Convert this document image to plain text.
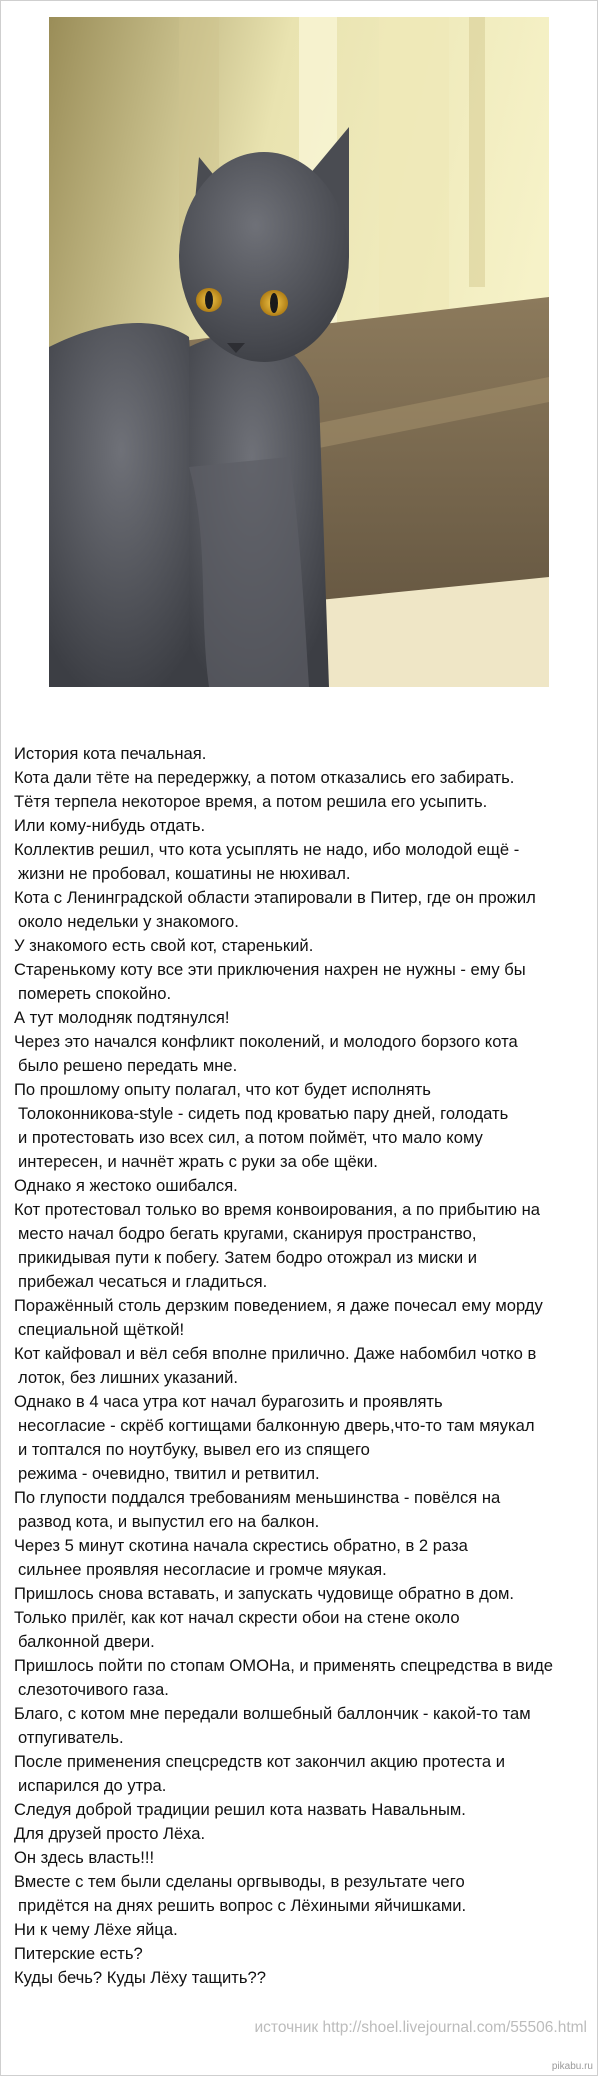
История кота печальная.
Кота дали тёте на передержку, а потом отказались его забирать.
Тётя терпела некоторое время, а потом решила его усыпить.
Или кому-нибудь отдать.
Коллектив решил, что кота усыплять не надо, ибо молодой ещё -
жизни не пробовал, кошатины не нюхивал.
Кота с Ленинградской области этапировали в Питер, где он прожил
около недельки у знакомого.
У знакомого есть свой кот, старенький.
Старенькому коту все эти приключения нахрен не нужны - ему бы
помереть спокойно.
А тут молодняк подтянулся!
Через это начался конфликт поколений, и молодого борзого кота
было решено передать мне.
По прошлому опыту полагал, что кот будет исполнять
Толоконникова-style - сидеть под кроватью пару дней, голодать
и протестовать изо всех сил, а потом поймёт, что мало кому
интересен, и начнёт жрать с руки за обе щёки.
Однако я жестоко ошибался.
Кот протестовал только во время конвоирования, а по прибытию на
место начал бодро бегать кругами, сканируя пространство,
прикидывая пути к побегу. Затем бодро отожрал из миски и
прибежал чесаться и гладиться.
Поражённый столь дерзким поведением, я даже почесал ему морду
специальной щёткой!
Кот кайфовал и вёл себя вполне прилично. Даже набомбил чотко в
лоток, без лишних указаний.
Однако в 4 часа утра кот начал бурагозить и проявлять
несогласие - скрёб когтищами балконную дверь,что-то там мяукал
и топтался по ноутбуку, вывел его из спящего
режима - очевидно, твитил и ретвитил.
По глупости поддался требованиям меньшинства - повёлся на
развод кота, и выпустил его на балкон.
Через 5 минут скотина начала скрестись обратно, в 2 раза
сильнее проявляя несогласие и громче мяукая.
Пришлось снова вставать, и запускать чудовище обратно в дом.
Только прилёг, как кот начал скрести обои на стене около
балконной двери.
Пришлось пойти по стопам ОМОНа, и применять спецредства в виде
слезоточивого газа.
Благо, с котом мне передали волшебный баллончик - какой-то там
отпугиватель.
После применения спецсредств кот закончил акцию протеста и
испарился до утра.
Следуя доброй традиции решил кота назвать Навальным.
Для друзей просто Лёха.
Он здесь власть!!!
Вместе с тем были сделаны оргвыводы, в результате чего
придётся на днях решить вопрос с Лёхиными яйчишками.
Ни к чему Лёхе яйца.
Питерские есть?
Куды бечь? Куды Лёху тащить??
источник http://shoel.livejournal.com/55506.html
pikabu.ru
